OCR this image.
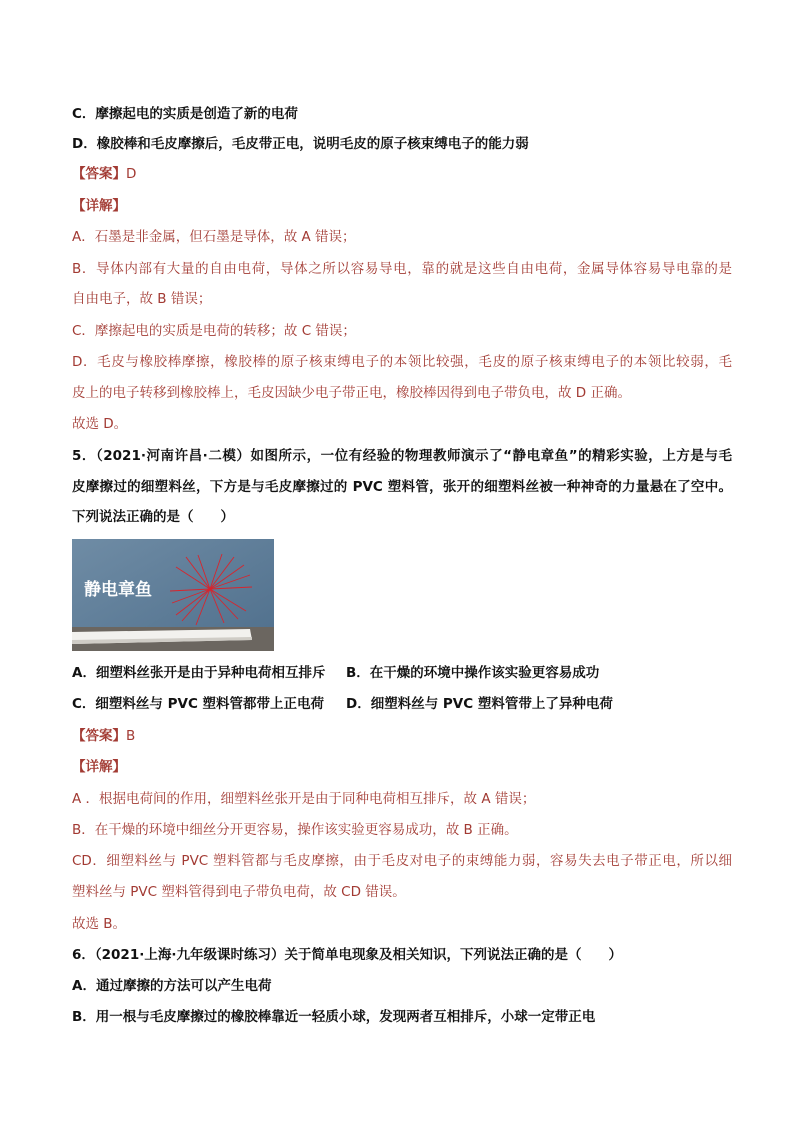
C．摩擦起电的实质是创造了新的电荷
D．橡胶棒和毛皮摩擦后，毛皮带正电，说明毛皮的原子核束缚电子的能力弱
【答案】D
【详解】
A．石墨是非金属，但石墨是导体，故 A 错误；
B．导体内部有大量的自由电荷，导体之所以容易导电，靠的就是这些自由电荷，金属导体容易导电靠的是
自由电子，故 B 错误；
C．摩擦起电的实质是电荷的转移；故 C 错误；
D．毛皮与橡胶棒摩擦，橡胶棒的原子核束缚电子的本领比较强，毛皮的原子核束缚电子的本领比较弱，毛
皮上的电子转移到橡胶棒上，毛皮因缺少电子带正电，橡胶棒因得到电子带负电，故 D 正确。
故选 D。
5．（2021·河南许昌·二模）如图所示，一位有经验的物理教师演示了“静电章鱼”的精彩实验，上方是与毛
皮摩擦过的细塑料丝，下方是与毛皮摩擦过的 PVC 塑料管，张开的细塑料丝被一种神奇的力量悬在了空中。
下列说法正确的是（　　）
静电章鱼
A．细塑料丝张开是由于异种电荷相互排斥	B．在干燥的环境中操作该实验更容易成功
C．细塑料丝与 PVC 塑料管都带上正电荷	D．细塑料丝与 PVC 塑料管带上了异种电荷
【答案】B
【详解】
A ．根据电荷间的作用，细塑料丝张开是由于同种电荷相互排斥，故 A 错误；
B．在干燥的环境中细丝分开更容易，操作该实验更容易成功，故 B 正确。
CD．细塑料丝与 PVC 塑料管都与毛皮摩擦，由于毛皮对电子的束缚能力弱，容易失去电子带正电，所以细
塑料丝与 PVC 塑料管得到电子带负电荷，故 CD 错误。
故选 B。
6．（2021·上海·九年级课时练习）关于简单电现象及相关知识，下列说法正确的是（　　）
A．通过摩擦的方法可以产生电荷
B．用一根与毛皮摩擦过的橡胶棒靠近一轻质小球，发现两者互相排斥，小球一定带正电
